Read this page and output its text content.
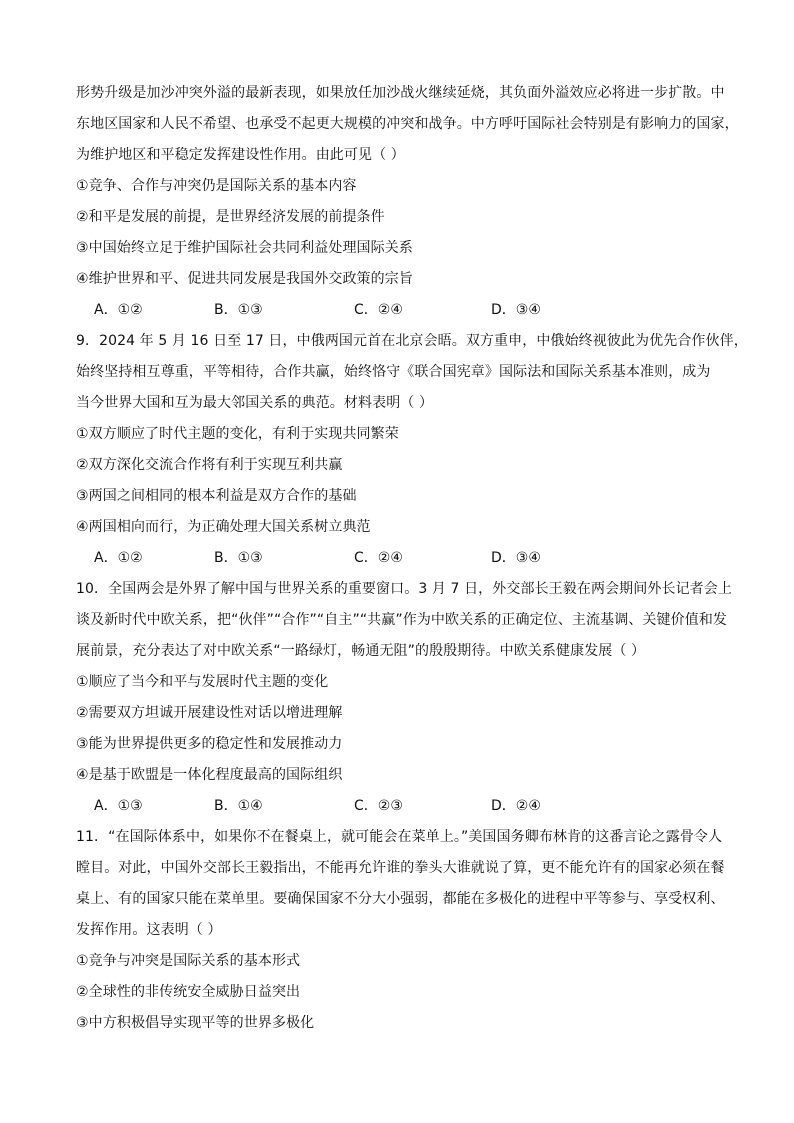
形势升级是加沙冲突外溢的最新表现，如果放任加沙战火继续延烧，其负面外溢效应必将进一步扩散。中
东地区国家和人民不希望、也承受不起更大规模的冲突和战争。中方呼吁国际社会特别是有影响力的国家，
为维护地区和平稳定发挥建设性作用。由此可见（ ）
①竞争、合作与冲突仍是国际关系的基本内容
②和平是发展的前提，是世界经济发展的前提条件
③中国始终立足于维护国际社会共同利益处理国际关系
④维护世界和平、促进共同发展是我国外交政策的宗旨
A．①②	B．①③	C．②④	D．③④
9．2024 年 5 月 16 日至 17 日，中俄两国元首在北京会晤。双方重申，中俄始终视彼此为优先合作伙伴，
始终坚持相互尊重，平等相待，合作共赢，始终恪守《联合国宪章》国际法和国际关系基本准则，成为
当今世界大国和互为最大邻国关系的典范。材料表明（ ）
①双方顺应了时代主题的变化，有利于实现共同繁荣
②双方深化交流合作将有利于实现互利共赢
③两国之间相同的根本利益是双方合作的基础
④两国相向而行，为正确处理大国关系树立典范
A．①②	B．①③	C．②④	D．③④
10．全国两会是外界了解中国与世界关系的重要窗口。3 月 7 日，外交部长王毅在两会期间外长记者会上
谈及新时代中欧关系，把“伙伴”“合作”“自主”“共赢”作为中欧关系的正确定位、主流基调、关键价值和发
展前景，充分表达了对中欧关系“一路绿灯，畅通无阻”的殷殷期待。中欧关系健康发展（ ）
①顺应了当今和平与发展时代主题的变化
②需要双方坦诚开展建设性对话以增进理解
③能为世界提供更多的稳定性和发展推动力
④是基于欧盟是一体化程度最高的国际组织
A．①③	B．①④	C．②③	D．②④
11．“在国际体系中，如果你不在餐桌上，就可能会在菜单上。”美国国务卿布林肯的这番言论之露骨令人
瞠目。对此，中国外交部长王毅指出，不能再允许谁的拳头大谁就说了算，更不能允许有的国家必须在餐
桌上、有的国家只能在菜单里。要确保国家不分大小强弱，都能在多极化的进程中平等参与、享受权利、
发挥作用。这表明（ ）
①竞争与冲突是国际关系的基本形式
②全球性的非传统安全威胁日益突出
③中方积极倡导实现平等的世界多极化
